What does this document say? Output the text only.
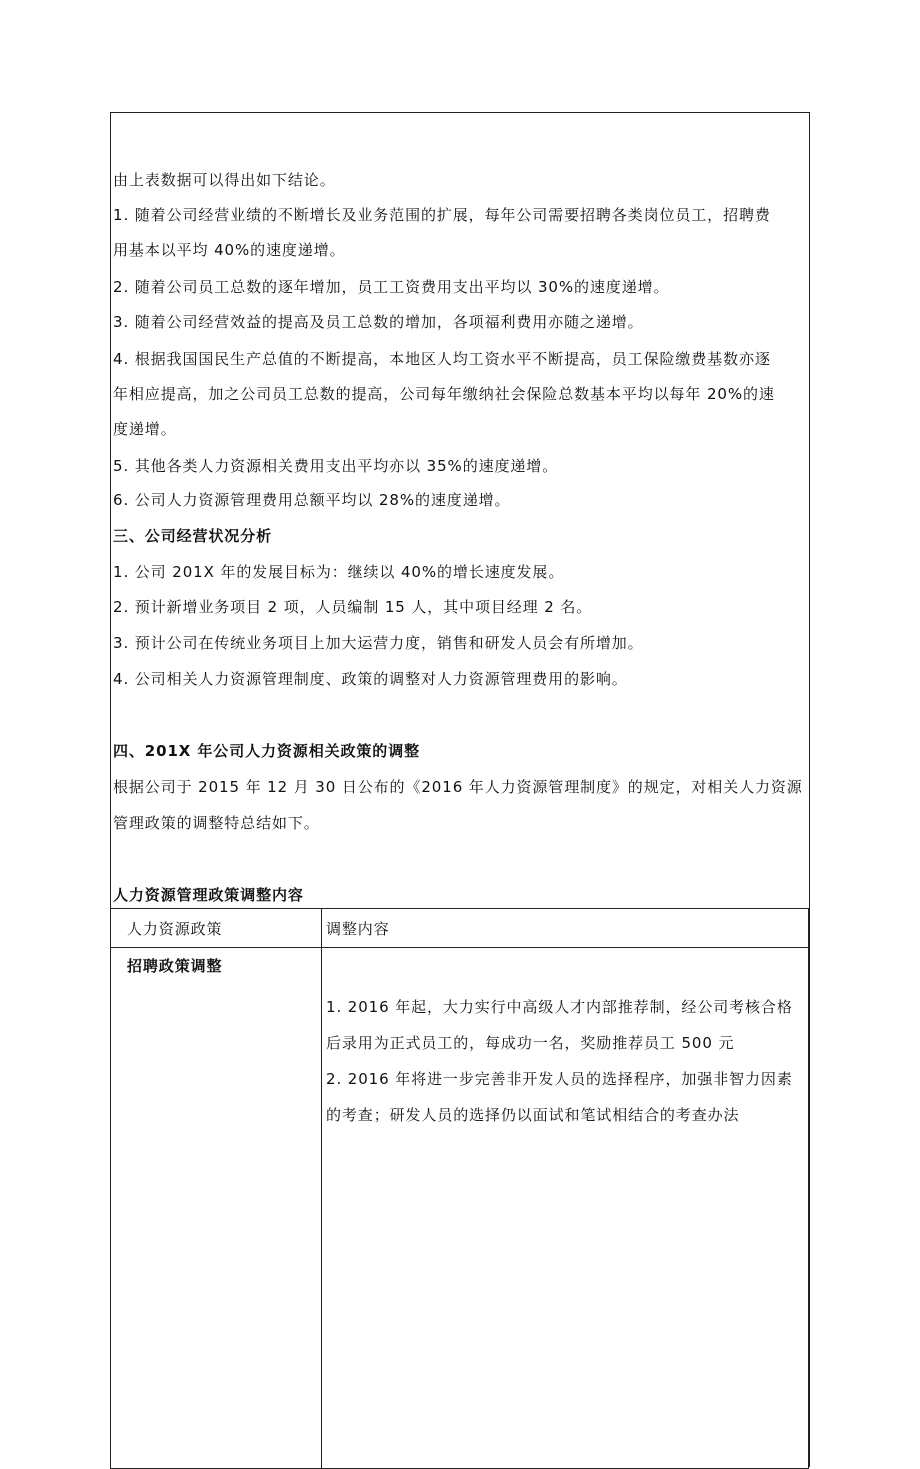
由上表数据可以得出如下结论。
1. 随着公司经营业绩的不断增长及业务范围的扩展，每年公司需要招聘各类岗位员工，招聘费
用基本以平均 40%的速度递增。
2. 随着公司员工总数的逐年增加，员工工资费用支出平均以 30%的速度递增。
3. 随着公司经营效益的提高及员工总数的增加，各项福利费用亦随之递增。
4. 根据我国国民生产总值的不断提高，本地区人均工资水平不断提高，员工保险缴费基数亦逐
年相应提高，加之公司员工总数的提高，公司每年缴纳社会保险总数基本平均以每年 20%的速
度递增。
5. 其他各类人力资源相关费用支出平均亦以 35%的速度递增。
6. 公司人力资源管理费用总额平均以 28%的速度递增。
三、公司经营状况分析
1. 公司 201X 年的发展目标为：继续以 40%的增长速度发展。
2. 预计新增业务项目 2 项，人员编制 15 人，其中项目经理 2 名。
3. 预计公司在传统业务项目上加大运营力度，销售和研发人员会有所增加。
4. 公司相关人力资源管理制度、政策的调整对人力资源管理费用的影响。
四、201X 年公司人力资源相关政策的调整
根据公司于 2015 年 12 月 30 日公布的《2016 年人力资源管理制度》的规定，对相关人力资源
管理政策的调整特总结如下。
人力资源管理政策调整内容
人力资源政策	调整内容

招聘政策调整	1. 2016 年起，大力实行中高级人才内部推荐制，经公司考核合格
后录用为正式员工的，每成功一名，奖励推荐员工 500 元
2. 2016 年将进一步完善非开发人员的选择程序，加强非智力因素
的考查；研发人员的选择仍以面试和笔试相结合的考查办法
